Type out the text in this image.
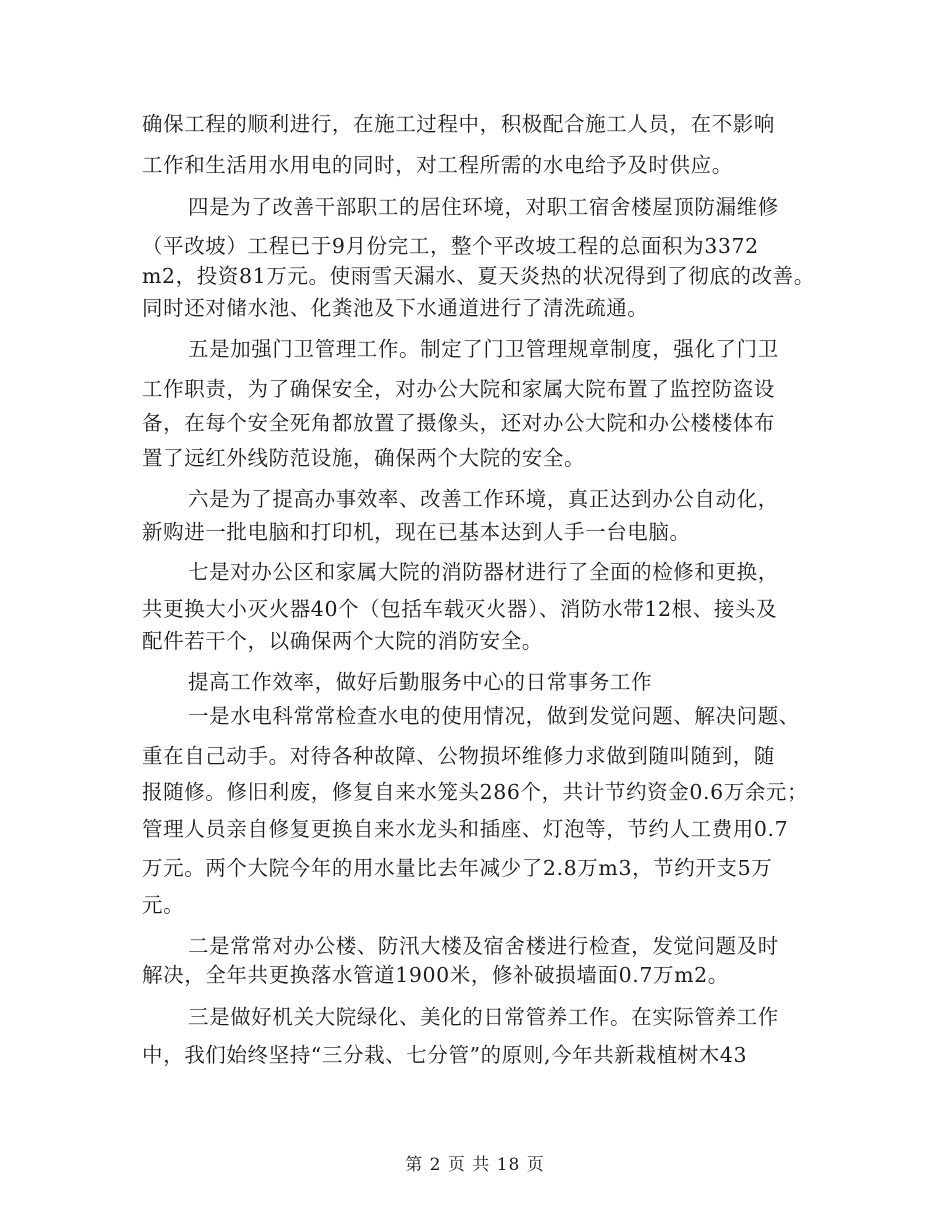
确保工程的顺利进行，在施工过程中，积极配合施工人员，在不影响
工作和生活用水用电的同时，对工程所需的水电给予及时供应。
四是为了改善干部职工的居住环境，对职工宿舍楼屋顶防漏维修
（平改坡）工程已于9月份完工，整个平改坡工程的总面积为3372
m2，投资81万元。使雨雪天漏水、夏天炎热的状况得到了彻底的改善。
同时还对储水池、化粪池及下水通道进行了清洗疏通。
五是加强门卫管理工作。制定了门卫管理规章制度，强化了门卫
工作职责，为了确保安全，对办公大院和家属大院布置了监控防盗设
备，在每个安全死角都放置了摄像头，还对办公大院和办公楼楼体布
置了远红外线防范设施，确保两个大院的安全。
六是为了提高办事效率、改善工作环境，真正达到办公自动化，
新购进一批电脑和打印机，现在已基本达到人手一台电脑。
七是对办公区和家属大院的消防器材进行了全面的检修和更换，
共更换大小灭火器40个（包括车载灭火器）、消防水带12根、接头及
配件若干个，以确保两个大院的消防安全。
提高工作效率，做好后勤服务中心的日常事务工作
一是水电科常常检查水电的使用情况，做到发觉问题、解决问题、
重在自己动手。对待各种故障、公物损坏维修力求做到随叫随到，随
报随修。修旧利废，修复自来水笼头286个，共计节约资金0.6万余元；
管理人员亲自修复更换自来水龙头和插座、灯泡等，节约人工费用0.7
万元。两个大院今年的用水量比去年减少了2.8万m3，节约开支5万
元。
二是常常对办公楼、防汛大楼及宿舍楼进行检查，发觉问题及时
解决，全年共更换落水管道1900米，修补破损墙面0.7万m2。
三是做好机关大院绿化、美化的日常管养工作。在实际管养工作
中，我们始终坚持“三分栽、七分管”的原则,今年共新栽植树木43
第 2 页 共 18 页
